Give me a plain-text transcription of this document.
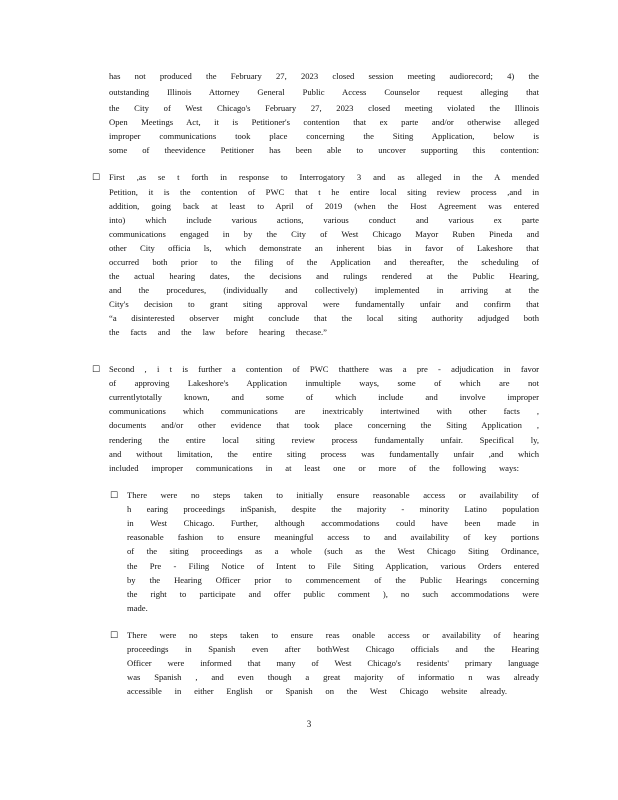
has not produced the February 27, 2023 closed session meeting audiorecord; 4) the
outstanding Illinois Attorney General Public Access Counselor request alleging that
the City of West Chicago's February 27, 2023 closed meeting violated the Illinois
Open Meetings Act, it is Petitioner's contention that ex parte and/or otherwise alleged
improper communications took place concerning the Siting Application, below is
some of theevidence Petitioner has been able to uncover supporting this contention:
□ First ,as se t forth in response to Interrogatory 3 and as alleged in the A mended
Petition, it is the contention of PWC that t he entire local siting review process ,and in
addition, going back at least to April of 2019 (when the Host Agreement was entered
into) which include various actions, various conduct and various ex parte
communications engaged in by the City of West Chicago Mayor Ruben Pineda and
other City officia ls, which demonstrate an inherent bias in favor of Lakeshore that
occurred both prior to the filing of the Application and thereafter, the scheduling of
the actual hearing dates, the decisions and rulings rendered at the Public Hearing,
and the procedures, (individually and collectively) implemented in arriving at the
City's decision to grant siting approval were fundamentally unfair and confirm that
“a disinterested observer might conclude that the local siting authority adjudged both
the facts and the law before hearing thecase.”
□ Second , i t is further a contention of PWC thatthere was a pre - adjudication in favor
of approving Lakeshore's Application inmultiple ways, some of which are not
currentlytotally known, and some of which include and involve improper
communications which communications are inextricably intertwined with other facts ,
documents and/or other evidence that took place concerning the Siting Application ,
rendering the entire local siting review process fundamentally unfair. Specifical ly,
and without limitation, the entire siting process was fundamentally unfair ,and which
included improper communications in at least one or more of the following ways:
□ There were no steps taken to initially ensure reasonable access or availability of
h earing proceedings inSpanish, despite the majority - minority Latino population
in West Chicago. Further, although accommodations could have been made in
reasonable fashion to ensure meaningful access to and availability of key portions
of the siting proceedings as a whole (such as the West Chicago Siting Ordinance,
the Pre - Filing Notice of Intent to File Siting Application, various Orders entered
by the Hearing Officer prior to commencement of the Public Hearings concerning
the right to participate and offer public comment ), no such accommodations were
made.
□ There were no steps taken to ensure reas onable access or availability of hearing
proceedings in Spanish even after bothWest Chicago officials and the Hearing
Officer were informed that many of West Chicago's residents' primary language
was Spanish , and even though a great majority of informatio n was already
accessible in either English or Spanish on the West Chicago website already.
3
